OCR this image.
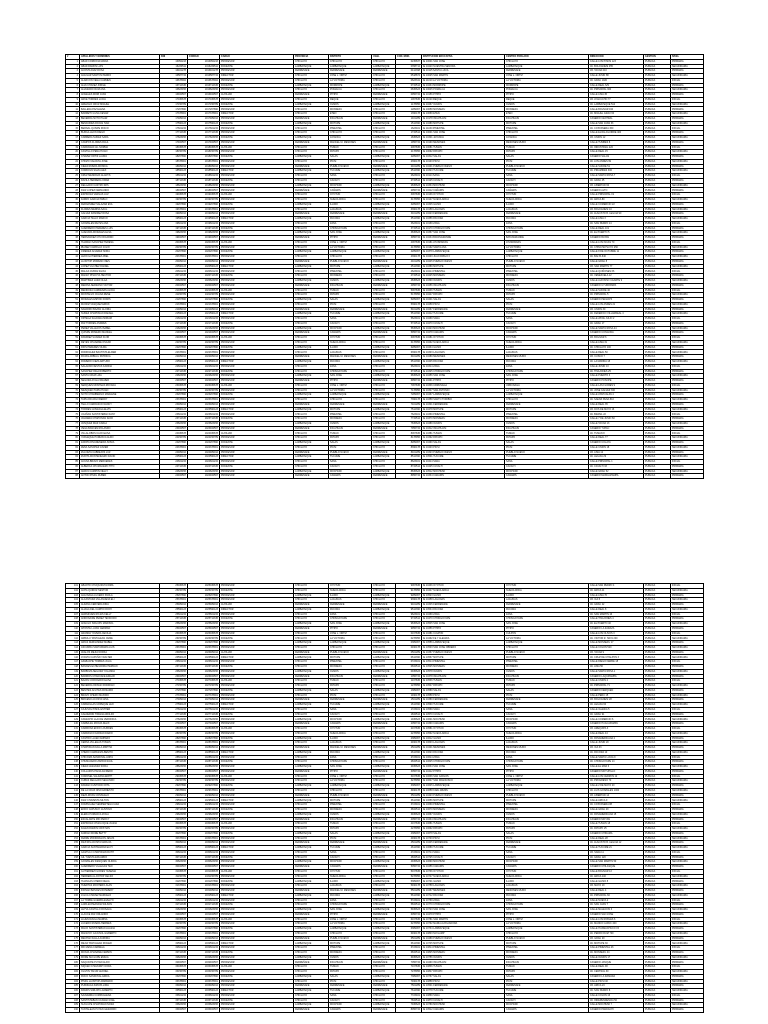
#	APELLIDOS Y NOMBRES	DNI	CODIGO	CARGO	PROVINCIA	DISTRITO	UGEL	COD. MOD.	INSTITUCION EDUCATIVA	CENTRO POBLADO	DIRECCION	GESTION	NIVEL
1	ABAD CORDOVA MARIA	16052243	1016052243	PROFESOR	CHICLAYO	CHICLAYO	CHICLAYO	0245837	IE 10001 SAN JOSE	CHICLAYO	CALLE LOS PINOS 123	PUBLICA	PRIMARIA
2	ABAD RAMOS LUIS	16234511	1016234511	DOCENTE	LAMBAYEQUE	LAMBAYEQUE	LAMBAYEQUE	0358712	IE 10220 NUESTRA SEÑORA	LAMBAYEQUE	AV. BOLOGNESI 455	PUBLICA	SECUNDARIA
3	ACOSTA DIAZ ROSA	16401278	1016401278	PROFESOR	FERREÑAFE	FERREÑAFE	FERREÑAFE	0412398	IE 10115 SANTA LUCIA	FERREÑAFE	JR. TACNA 210	PUBLICA	PRIMARIA
4	AGUILAR SANTOS PEDRO	16587734	1016587734	DIRECTOR	CHICLAYO	JOSE L. ORTIZ	CHICLAYO	0518874	IE 10025 SAN MARTIN	JOSE L. ORTIZ	CALLE JUNIN 88	PUBLICA	SECUNDARIA
5	ALARCON VEGA CARMEN	16678902	1016678902	PROFESOR	CHICLAYO	LA VICTORIA	CHICLAYO	0623341	IE 11010 LA VICTORIA	LA VICTORIA	AV. GRAU 1020	PUBLICA	INICIAL
6	ALVA CHAVEZ JORGE	16712345	1016712345	DOCENTE	LAMBAYEQUE	MORROPE	LAMBAYEQUE	0734512	IE 10234 MORROPE	MORROPE	CALLE REAL S/N	PUBLICA	PRIMARIA
7	ALVARADO RUIZ ANA	16823456	1016823456	PROFESOR	CHICLAYO	POMALCA	CHICLAYO	0845623	IE 10045 POMALCA	POMALCA	AV. PRINCIPAL 300	PUBLICA	SECUNDARIA
8	ANGELES MORI JUAN	16934567	1016934567	AUXILIAR	FERREÑAFE	PITIPO	FERREÑAFE	0956734	IE 10156 PITIPO	PITIPO	CALLE LIMA 45	PUBLICA	PRIMARIA
9	ARCE TORRES LUCIA	17045678	1017045678	PROFESOR	CHICLAYO	REQUE	CHICLAYO	1067845	IE 11020 REQUE	REQUE	JR. AYACUCHO 77	PUBLICA	INICIAL
10	AREVALO CRUZ MIGUEL	17156789	1017156789	DOCENTE	LAMBAYEQUE	OLMOS	LAMBAYEQUE	1178956	IE 10267 OLMOS	OLMOS	AV. LAMBAYEQUE 512	PUBLICA	SECUNDARIA
11	BALLENA PAZ ELENA	17267890	1017267890	PROFESOR	CHICLAYO	MONSEFU	CHICLAYO	1289067	IE 10058 MONSEFU	MONSEFU	CALLE BOLIVAR 190	PUBLICA	PRIMARIA
12	BARRETO LUNA CESAR	17378901	1017378901	DIRECTOR	CHICLAYO	ETEN	CHICLAYO	1390178	IE 10069 ETEN	ETEN	AV. MIGUEL GRAU 60	PUBLICA	SECUNDARIA
13	BECERRA SOTO PILAR	17489012	1017489012	PROFESOR	FERREÑAFE	INCAHUASI	FERREÑAFE	1401289	IE 10178 INCAHUASI	INCAHUASI	CASERIO CENTRAL	PUBLICA	PRIMARIA
14	BENAVIDES ROJAS IVAN	17590123	1017590123	DOCENTE	LAMBAYEQUE	MOTUPE	LAMBAYEQUE	1512390	IE 10289 MOTUPE	MOTUPE	CALLE SAN JUAN 33	PUBLICA	SECUNDARIA
15	BERNAL QUISPE ROCIO	17601234	1017601234	PROFESOR	CHICLAYO	PIMENTEL	CHICLAYO	1623401	IE 11030 PIMENTEL	PIMENTEL	AV. COSTANERA 150	PUBLICA	INICIAL
16	BURGA LEON DIEGO	17712345	1017712345	PROFESOR	CHICLAYO	CHICLAYO	CHICLAYO	1734512	IE 10001 SAN JOSE	CHICLAYO	CALLE ELIAS AGUIRRE 400	PUBLICA	PRIMARIA
17	CABRERA NUÑEZ SARA	17823456	1017823456	DOCENTE	LAMBAYEQUE	JAYANCA	LAMBAYEQUE	1845623	IE 10301 JAYANCA	JAYANCA	JR. UNION 12	PUBLICA	SECUNDARIA
18	CAMPOS FLORES RAUL	17934567	1017934567	PROFESOR	FERREÑAFE	MANUEL M. MESONES	FERREÑAFE	1956734	IE 10190 MESONES	MESONES MURO	CALLE TUMBES 8	PUBLICA	PRIMARIA
19	CARRANZA GIL NORMA	18045678	1018045678	AUXILIAR	CHICLAYO	TUMAN	CHICLAYO	2067845	IE 10081 TUMAN	TUMAN	AV. INDUSTRIAL 220	PUBLICA	INICIAL
20	CASTILLO PEÑA HUGO	18156789	1018156789	PROFESOR	CHICLAYO	PATAPO	CHICLAYO	2178956	IE 10092 PATAPO	PATAPO	CALLE REAL 15	PUBLICA	SECUNDARIA
21	CHAVEZ ORTIZ LAURA	18267890	1018267890	DOCENTE	LAMBAYEQUE	SALAS	LAMBAYEQUE	2289067	IE 10312 SALAS	SALAS	CASERIO SALAS	PUBLICA	PRIMARIA
22	CHOZO VALDIVIA JOSE	18378901	1018378901	PROFESOR	CHICLAYO	PICSI	CHICLAYO	2390178	IE 10103 PICSI	PICSI	AV. LOS ANDES 99	PUBLICA	SECUNDARIA
23	CIEZA RIVERA MONICA	18489012	1018489012	PROFESOR	FERREÑAFE	PUEBLO NUEVO	FERREÑAFE	2401289	IE 10201 PUEBLO NUEVO	PUEBLO NUEVO	CALLE SUCRE 51	PUBLICA	PRIMARIA
24	CORDOVA SILVA ALEX	18590123	1018590123	DIRECTOR	LAMBAYEQUE	TUCUME	LAMBAYEQUE	2512390	IE 10323 TUCUME	TUCUME	AV. PIRAMIDES 300	PUBLICA	SECUNDARIA
25	CRUZ MENDOZA GLADYS	18601234	1018601234	PROFESOR	CHICLAYO	SAÑA	CHICLAYO	2623401	IE 10114 SAÑA	SAÑA	CALLE SANTA ROSA 7	PUBLICA	INICIAL
26	DAVILA HERRERA OMAR	18712345	1018712345	DOCENTE	CHICLAYO	CAYALTI	CHICLAYO	2734512	IE 10125 CAYALTI	CAYALTI	AV. GRAU 45	PUBLICA	PRIMARIA
27	DELGADO CASTRO IRIS	18823456	1018823456	PROFESOR	LAMBAYEQUE	MOCHUMI	LAMBAYEQUE	2845623	IE 10334 MOCHUMI	MOCHUMI	JR. LIBERTAD 60	PUBLICA	SECUNDARIA
28	DIAZ LOPEZ FERNANDO	18934567	1018934567	PROFESOR	FERREÑAFE	CAÑARIS	FERREÑAFE	2956734	IE 10212 CAÑARIS	CAÑARIS	CASERIO ALTO	PUBLICA	PRIMARIA
29	ESPINOZA VARGAS LUZ	19045678	1019045678	AUXILIAR	CHICLAYO	OYOTUN	CHICLAYO	3067845	IE 10136 OYOTUN	OYOTUN	CALLE PRINCIPAL 19	PUBLICA	INICIAL
30	FARRO GARCIA PABLO	19156789	1019156789	PROFESOR	CHICLAYO	NUEVA ARICA	CHICLAYO	3178956	IE 10147 NUEVA ARICA	NUEVA ARICA	AV. ARICA 80	PUBLICA	SECUNDARIA
31	FERNANDEZ SALAZAR EVA	19267890	1019267890	DOCENTE	LAMBAYEQUE	ILLIMO	LAMBAYEQUE	3289067	IE 10345 ILLIMO	ILLIMO	CALLE COMERCIO 22	PUBLICA	PRIMARIA
32	FLORES MEDINA SAUL	19378901	1019378901	PROFESOR	CHICLAYO	LAGUNAS	CHICLAYO	3390178	IE 10158 LAGUNAS	LAGUNAS	JR. BOLOGNESI 10	PUBLICA	SECUNDARIA
33	GALVEZ RAMIREZ ROSA	19489012	1019489012	PROFESOR	FERREÑAFE	FERREÑAFE	FERREÑAFE	3401289	IE 10223 FERREÑAFE	FERREÑAFE	AV. AUGUSTO B. LEGUIA 90	PUBLICA	PRIMARIA
34	GARCIA TELLO MARCO	19590123	1019590123	DIRECTOR	LAMBAYEQUE	PACORA	LAMBAYEQUE	3512390	IE 10356 PACORA	PACORA	CALLE LIMA 3	PUBLICA	SECUNDARIA
35	GONZALES REYES ANA	19601234	1019601234	PROFESOR	CHICLAYO	ZAÑA	CHICLAYO	3623401	IE 10169 ZAÑA	ZAÑA	AV. SAN PEDRO 14	PUBLICA	INICIAL
36	GUERRERO PAREDES LUIS	19712345	1019712345	DOCENTE	CHICLAYO	CHONGOYAPE	CHICLAYO	3734512	IE 10170 CHONGOYAPE	CHONGOYAPE	CALLE REAL 101	PUBLICA	PRIMARIA
37	GUEVARA MORALES ELSA	19823456	1019823456	PROFESOR	LAMBAYEQUE	SAN JOSE	LAMBAYEQUE	3845623	IE 10367 SAN JOSE	SAN JOSE	AV. EL PUERTO 5	PUBLICA	SECUNDARIA
38	HERNANDEZ CHU RICARDO	19934567	1019934567	PROFESOR	FERREÑAFE	PITIPO	FERREÑAFE	3956734	IE 10234 BATANGRANDE	BATANGRANDE	CASERIO BATAN	PUBLICA	PRIMARIA
39	HUAMAN SANCHEZ TERESA	20045678	1020045678	AUXILIAR	CHICLAYO	JOSE L. ORTIZ	CHICLAYO	4067845	IE 10181 ATUSPARIAS	ATUSPARIAS	CALLE LOS INCAS 70	PUBLICA	INICIAL
40	IBAÑEZ CARRILLO JULIO	20156789	1020156789	PROFESOR	CHICLAYO	LA VICTORIA	CHICLAYO	4178956	IE 10192 SANTA ANA	LA VICTORIA	AV. CHINCHAYSUYO 250	PUBLICA	SECUNDARIA
41	JIMENEZ ALVAREZ NORA	20267890	1020267890	DOCENTE	LAMBAYEQUE	LAMBAYEQUE	LAMBAYEQUE	4289067	IE 10378 LAMBAYEQUE	LAMBAYEQUE	CALLE 8 DE OCTUBRE 11	PUBLICA	PRIMARIA
42	LEON GUTIERREZ ABEL	20378901	1020378901	PROFESOR	CHICLAYO	CHICLAYO	CHICLAYO	4390178	IE 10203 JUAN PABLO II	CHICLAYO	AV. BALTA 640	PUBLICA	SECUNDARIA
43	LLONTOP MORENO INES	20489012	1020489012	PROFESOR	FERREÑAFE	PUEBLO NUEVO	FERREÑAFE	4401289	IE 10245 PUEBLO NUEVO	PUEBLO NUEVO	CALLE GRAU 8	PUBLICA	PRIMARIA
44	LOPEZ VILCHEZ DANIEL	20590123	1020590123	DIRECTOR	LAMBAYEQUE	MOTUPE	LAMBAYEQUE	4512390	IE 10389 MOTUPE	MOTUPE	JR. SAN MARTIN 77	PUBLICA	SECUNDARIA
45	MALCA CUBAS SILVIA	20601234	1020601234	PROFESOR	CHICLAYO	PIMENTEL	CHICLAYO	4623401	IE 10214 PIMENTEL	PIMENTEL	CALLE QUIÑONES 66	PUBLICA	INICIAL
46	MANAY PISCOYA HECTOR	20712345	1020712345	DOCENTE	CHICLAYO	MONSEFU	CHICLAYO	4734512	IE 10225 MONSEFU	MONSEFU	AV. VENEZUELA 12	PUBLICA	PRIMARIA
47	MARTINEZ LARA OLGA	20823456	1020823456	PROFESOR	LAMBAYEQUE	OLMOS	LAMBAYEQUE	4845623	IE 10390 OLMOS	OLMOS	CALLE ALFONSO UGARTE 9	PUBLICA	SECUNDARIA
48	MEDINA SERRANO VICTOR	20934567	1020934567	PROFESOR	FERREÑAFE	INCAHUASI	FERREÑAFE	4956734	IE 10256 INCAHUASI	INCAHUASI	CASERIO UYURPAMPA	PUBLICA	PRIMARIA
49	MENDOZA CARDENAS ALICIA	21045678	1021045678	AUXILIAR	CHICLAYO	TUMAN	CHICLAYO	5067845	IE 10236 TUMAN	TUMAN	CALLE SUCRE 40	PUBLICA	INICIAL
50	MONTALVO OCAÑA RENE	21156789	1021156789	PROFESOR	CHICLAYO	PATAPO	CHICLAYO	5178956	IE 10247 PATAPO	PATAPO	AV. PRINCIPAL 5	PUBLICA	SECUNDARIA
51	MORALES ESPINO DORIS	21267890	1021267890	DOCENTE	LAMBAYEQUE	SALAS	LAMBAYEQUE	5289067	IE 10401 SALAS	SALAS	CASERIO PENACHI	PUBLICA	PRIMARIA
52	MUÑOZ VASQUEZ ERICK	21378901	1021378901	PROFESOR	CHICLAYO	PICSI	CHICLAYO	5390178	IE 10258 PICSI	PICSI	CALLE LOS ANDES 21	PUBLICA	SECUNDARIA
53	NAVARRO BAZAN GLORIA	21489012	1021489012	PROFESOR	FERREÑAFE	FERREÑAFE	FERREÑAFE	5401289	IE 10267 FERREÑAFE	FERREÑAFE	JR. UNION 30	PUBLICA	PRIMARIA
54	NUÑEZ CHAPOÑAN RAFAEL	21590123	1021590123	DIRECTOR	LAMBAYEQUE	TUCUME	LAMBAYEQUE	5512390	IE 10412 TUCUME	TUCUME	AV. FEDERICO VILLARREAL 4	PUBLICA	SECUNDARIA
55	ORTEGA SALDAÑA MIRIAM	21601234	1021601234	PROFESOR	CHICLAYO	SAÑA	CHICLAYO	5623401	IE 10269 SAÑA	SAÑA	CALLE 28 DE JULIO 2	PUBLICA	INICIAL
56	PAZ TORRES ANDRES	21712345	1021712345	DOCENTE	CHICLAYO	CAYALTI	CHICLAYO	5734512	IE 10270 CAYALTI	CAYALTI	AV. GRAU 17	PUBLICA	PRIMARIA
57	PEREZ VALLEJOS ISABEL	21823456	1021823456	PROFESOR	LAMBAYEQUE	MOCHUMI	LAMBAYEQUE	5845623	IE 10423 MOCHUMI	MOCHUMI	CALLE SANTA ROSA 44	PUBLICA	SECUNDARIA
58	QUISPE ROMERO MANUEL	21934567	1021934567	PROFESOR	FERREÑAFE	CAÑARIS	FERREÑAFE	5956734	IE 10278 CAÑARIS	CAÑARIS	CASERIO CONGONA	PUBLICA	PRIMARIA
59	RAMIREZ SUAREZ FLOR	22045678	1022045678	AUXILIAR	CHICLAYO	OYOTUN	CHICLAYO	6067845	IE 10281 OYOTUN	OYOTUN	JR. BOLIVAR 6	PUBLICA	INICIAL
60	REYES CHANAME OSCAR	22156789	1022156789	PROFESOR	CHICLAYO	NUEVA ARICA	CHICLAYO	6178956	IE 10292 NUEVA ARICA	NUEVA ARICA	CALLE LIMA 31	PUBLICA	SECUNDARIA
61	RIOS PAREDES VILMA	22267890	1022267890	DOCENTE	LAMBAYEQUE	ILLIMO	LAMBAYEQUE	6289067	IE 10434 ILLIMO	ILLIMO	AV. CHICLAYO 100	PUBLICA	PRIMARIA
62	RODRIGUEZ BAUTISTA ELMER	22378901	1022378901	PROFESOR	CHICLAYO	LAGUNAS	CHICLAYO	6390178	IE 10303 LAGUNAS	LAGUNAS	CALLE REAL 50	PUBLICA	SECUNDARIA
63	ROJAS ARBULU PATRICIA	22489012	1022489012	PROFESOR	FERREÑAFE	MANUEL M. MESONES	FERREÑAFE	6401289	IE 10289 MESONES	MESONES MURO	JR. CUSCO 7	PUBLICA	PRIMARIA
64	ROMERO CIEZA ARTURO	22590123	1022590123	DIRECTOR	LAMBAYEQUE	PACORA	LAMBAYEQUE	6512390	IE 10445 PACORA	PACORA	AV. LA MARINA 18	PUBLICA	SECUNDARIA
65	SALAZAR FIESTAS KARINA	22601234	1022601234	PROFESOR	CHICLAYO	ZAÑA	CHICLAYO	6623401	IE 10314 ZAÑA	ZAÑA	CALLE JUNIN 13	PUBLICA	INICIAL
66	SANCHEZ INGA ROBERTO	22712345	1022712345	DOCENTE	CHICLAYO	CHONGOYAPE	CHICLAYO	6734512	IE 10325 CHONGOYAPE	CHONGOYAPE	AV. TINAJONES 25	PUBLICA	PRIMARIA
67	SANTA CRUZ LIZA	22823456	1022823456	PROFESOR	LAMBAYEQUE	SAN JOSE	LAMBAYEQUE	6845623	IE 10456 SAN JOSE	SAN JOSE	CALLE PUERTO 3	PUBLICA	SECUNDARIA
68	SEGURA AYALA WILMER	22934567	1022934567	PROFESOR	FERREÑAFE	PITIPO	FERREÑAFE	6956734	IE 10291 PITIPO	PITIPO	CASERIO POSOPE	PUBLICA	PRIMARIA
69	SERQUEN MONTEZA ROXANA	23045678	1023045678	AUXILIAR	CHICLAYO	JOSE L. ORTIZ	CHICLAYO	7067845	IE 10336 URRUNAGA	URRUNAGA	CALLE LAS FLORES 9	PUBLICA	INICIAL
70	SIESQUEN TAPIA HUGO	23156789	1023156789	PROFESOR	CHICLAYO	LA VICTORIA	CHICLAYO	7178956	IE 10347 SAN ANTONIO	LA VICTORIA	AV. JOSE GALVEZ 330	PUBLICA	SECUNDARIA
71	SOTO CHAMBERGO MARLENE	23267890	1023267890	DOCENTE	LAMBAYEQUE	LAMBAYEQUE	LAMBAYEQUE	7289067	IE 10467 LAMBAYEQUE	LAMBAYEQUE	CALLE ATAHUALPA 4	PUBLICA	PRIMARIA
72	TAPIA RIOJAS FREDDY	23378901	1023378901	PROFESOR	CHICLAYO	CHICLAYO	CHICLAYO	7390178	IE 10358 SANTO TORIBIO	CHICLAYO	AV. SAENZ PEÑA 810	PUBLICA	SECUNDARIA
73	TELLO CARRASCO NANCY	23489012	1023489012	PROFESOR	FERREÑAFE	FERREÑAFE	FERREÑAFE	7401289	IE 10301 FERREÑAFE	FERREÑAFE	CALLE REAL 35	PUBLICA	PRIMARIA
74	TORRES GONZAGA ELVIS	23590123	1023590123	DIRECTOR	LAMBAYEQUE	MOTUPE	LAMBAYEQUE	7512390	IE 10478 MOTUPE	MOTUPE	JR. DOS DE MAYO 16	PUBLICA	SECUNDARIA
75	UCAÑAN SANTISTEBAN FANY	23601234	1023601234	PROFESOR	CHICLAYO	PIMENTEL	CHICLAYO	7623401	IE 10369 PIMENTEL	PIMENTEL	AV. BRASIL 22	PUBLICA	INICIAL
76	VALDERA CHAPOÑAN IGOR	23712345	1023712345	DOCENTE	CHICLAYO	MONSEFU	CHICLAYO	7734512	IE 10370 MONSEFU	MONSEFU	CALLE 7 DE JUNIO 60	PUBLICA	PRIMARIA
77	VASQUEZ DIAZ CARLA	23823456	1023823456	PROFESOR	LAMBAYEQUE	OLMOS	LAMBAYEQUE	7845623	IE 10489 OLMOS	OLMOS	CALLE TACNA 13	PUBLICA	SECUNDARIA
78	VEGA BANCES ROLANDO	23934567	1023934567	PROFESOR	FERREÑAFE	INCAHUASI	FERREÑAFE	7956734	IE 10312 INCAHUASI	INCAHUASI	CASERIO TUPAC	PUBLICA	PRIMARIA
79	VILLALOBOS CAJO ELISA	24045678	1024045678	AUXILIAR	CHICLAYO	TUMAN	CHICLAYO	8067845	IE 10381 TUMAN	TUMAN	AV. TUMAN 8	PUBLICA	INICIAL
80	YARLEQUE PURIZACA ALDO	24156789	1024156789	PROFESOR	CHICLAYO	PATAPO	CHICLAYO	8178956	IE 10392 PATAPO	PATAPO	CALLE REAL 77	PUBLICA	SECUNDARIA
81	ZAPATA RIVADENEIRA SONIA	24267890	1024267890	DOCENTE	LAMBAYEQUE	SALAS	LAMBAYEQUE	8289067	IE 10490 SALAS	SALAS	CASERIO COLAYA	PUBLICA	PRIMARIA
82	ZEÑA SANCHEZ JAVIER	24378901	1024378901	PROFESOR	CHICLAYO	PICSI	CHICLAYO	8390178	IE 10403 PICSI	PICSI	CALLE UNION 18	PUBLICA	SECUNDARIA
83	ZULOETA CABREJOS LUZ	24489012	1024489012	PROFESOR	FERREÑAFE	PUEBLO NUEVO	FERREÑAFE	8401289	IE 10323 PUEBLO NUEVO	PUEBLO NUEVO	JR. LIMA 12	PUBLICA	PRIMARIA
84	ZURITA MONTENEGRO DAVID	24590123	1024590123	DIRECTOR	LAMBAYEQUE	TUCUME	LAMBAYEQUE	8512390	IE 10501 TUCUME	TUCUME	AV. LEGUIA 29	PUBLICA	SECUNDARIA
85	ACUÑA BRAVO MERCEDES	24601234	1024601234	PROFESOR	CHICLAYO	SAÑA	CHICLAYO	8623401	IE 10414 SAÑA	SAÑA	CALLE PRINCIPAL 1	PUBLICA	INICIAL
86	ALBERCA CHUMACERO TITO	24712345	1024712345	DOCENTE	CHICLAYO	CAYALTI	CHICLAYO	8734512	IE 10425 CAYALTI	CAYALTI	AV. CAYALTI 33	PUBLICA	PRIMARIA
87	AMAYA CAMPOS NELLY	24823456	1024823456	PROFESOR	LAMBAYEQUE	MOCHUMI	LAMBAYEQUE	8845623	IE 10512 MOCHUMI	MOCHUMI	CALLE GRAU 52	PUBLICA	SECUNDARIA
88	ANTON PISFIL RUBEN	24934567	1024934567	PROFESOR	FERREÑAFE	CAÑARIS	FERREÑAFE	8956734	IE 10334 CAÑARIS	CAÑARIS	CASERIO MAMAGPAMPA	PUBLICA	PRIMARIA
101	ABANTO CHUQUIZUTA IRMA	25045678	1025045678	PROFESOR	CHICLAYO	OYOTUN	CHICLAYO	9067845	IE 10436 OYOTUN	OYOTUN	CALLE SAN PEDRO 4	PUBLICA	INICIAL
102	ACHA QUIROZ NESTOR	25156789	1025156789	DOCENTE	CHICLAYO	NUEVA ARICA	CHICLAYO	9178956	IE 10447 NUEVA ARICA	NUEVA ARICA	AV. ARICA 11	PUBLICA	SECUNDARIA
103	AGUINAGA LUCERO PAOLA	25267890	1025267890	PROFESOR	LAMBAYEQUE	ILLIMO	LAMBAYEQUE	9289067	IE 10523 ILLIMO	ILLIMO	CALLE LIMA 70	PUBLICA	PRIMARIA
104	ALCANTARA VILLANUEVA ELI	25378901	1025378901	PROFESOR	CHICLAYO	LAGUNAS	CHICLAYO	9390178	IE 10458 LAGUNAS	LAGUNAS	JR. ICA 5	PUBLICA	SECUNDARIA
105	ALDANA CERVERA DINA	25489012	1025489012	AUXILIAR	FERREÑAFE	FERREÑAFE	FERREÑAFE	9401289	IE 10345 FERREÑAFE	FERREÑAFE	AV. GRAU 22	PUBLICA	PRIMARIA
106	ALIAGA DEL CARPIO RONY	25590123	1025590123	DIRECTOR	LAMBAYEQUE	PACORA	LAMBAYEQUE	9512390	IE 10534 PACORA	PACORA	CALLE REAL 8	PUBLICA	SECUNDARIA
107	AMASIFUEN ROJAS KELLY	25601234	1025601234	PROFESOR	CHICLAYO	ZAÑA	CHICLAYO	9623401	IE 10469 ZAÑA	ZAÑA	AV. SAN MARTIN 16	PUBLICA	INICIAL
108	ANDONAIRE PEREZ TEODORO	25712345	1025712345	DOCENTE	CHICLAYO	CHONGOYAPE	CHICLAYO	9734512	IE 10470 CHONGOYAPE	CHONGOYAPE	CALLE TINAJONES 4	PUBLICA	PRIMARIA
109	ANGULO SIRLUPU MARISOL	25823456	1025823456	PROFESOR	LAMBAYEQUE	SAN JOSE	LAMBAYEQUE	9845623	IE 10545 SAN JOSE	SAN JOSE	AV. EL PUERTO 40	PUBLICA	SECUNDARIA
110	APONTE LUJAN GERMAN	25934567	1025934567	PROFESOR	FERREÑAFE	PITIPO	FERREÑAFE	9956734	IE 10356 PITIPO	PITIPO	CASERIO LA ZARAZA	PUBLICA	PRIMARIA
111	ARANDA YOVERA CECILIA	26045678	1026045678	PROFESOR	CHICLAYO	JOSE L. ORTIZ	CHICLAYO	0167845	IE 10481 CULPON	CULPON	CALLE LOS OLIVOS 3	PUBLICA	INICIAL
112	ARBULU TANTALEAN JAIME	26156789	1026156789	DOCENTE	CHICLAYO	LA VICTORIA	CHICLAYO	0278956	IE 10492 FE Y ALEGRIA	LA VICTORIA	AV. VICTOR R. HAYA 200	PUBLICA	SECUNDARIA
113	ARIAS FERNANDEZ MABEL	26267890	1026267890	PROFESOR	LAMBAYEQUE	LAMBAYEQUE	LAMBAYEQUE	0389067	IE 10556 LAMBAYEQUE	LAMBAYEQUE	CALLE MONSEFU 17	PUBLICA	PRIMARIA
114	ASCURRA SANTAMARIA LUIS	26378901	1026378901	PROFESOR	CHICLAYO	CHICLAYO	CHICLAYO	0490178	IE 10503 SAN JOSE OBRERO	CHICLAYO	CALLE COLON 520	PUBLICA	SECUNDARIA
115	AVALOS MEJIA NORKA	26489012	1026489012	AUXILIAR	FERREÑAFE	PUEBLO NUEVO	FERREÑAFE	0501289	IE 10367 PUEBLO NUEVO	PUEBLO NUEVO	JR. TACNA 9	PUBLICA	PRIMARIA
116	AYASTA CAPUÑAY WALTER	26590123	1026590123	DIRECTOR	LAMBAYEQUE	MOTUPE	LAMBAYEQUE	0612390	IE 10567 MOTUPE	MOTUPE	AV. CRUZ DE CHALPON 3	PUBLICA	SECUNDARIA
117	AZABACHE TORRES JULIA	26601234	1026601234	PROFESOR	CHICLAYO	PIMENTEL	CHICLAYO	0723401	IE 10514 PIMENTEL	PIMENTEL	CALLE DIEGO FERRE 18	PUBLICA	INICIAL
118	BANCES ECHEVARRIA HERNAN	26712345	1026712345	DOCENTE	CHICLAYO	MONSEFU	CHICLAYO	0834512	IE 10525 MONSEFU	MONSEFU	AV. LIMA 56	PUBLICA	PRIMARIA
119	BARBOZA SEGURA YOLANDA	26823456	1026823456	PROFESOR	LAMBAYEQUE	OLMOS	LAMBAYEQUE	0945623	IE 10578 OLMOS	OLMOS	CALLE SANTA ROSA 1	PUBLICA	SECUNDARIA
120	BARRIOS CHANCAFE EDGAR	26934567	1026934567	PROFESOR	FERREÑAFE	INCAHUASI	FERREÑAFE	1056734	IE 10378 INCAHUASI	INCAHUASI	CASERIO LAQUIPAMPA	PUBLICA	PRIMARIA
121	BAZAN CORONADO ELISA	27045678	1027045678	AUXILIAR	CHICLAYO	TUMAN	CHICLAYO	1167845	IE 10536 TUMAN	TUMAN	CALLE UNION 2	PUBLICA	INICIAL
122	BECERRA INOÑAN RODRIGO	27156789	1027156789	PROFESOR	CHICLAYO	PATAPO	CHICLAYO	1278956	IE 10547 PATAPO	PATAPO	AV. PRINCIPAL 71	PUBLICA	SECUNDARIA
123	BENITES ALVITES ROSARIO	27267890	1027267890	DOCENTE	LAMBAYEQUE	SALAS	LAMBAYEQUE	1389067	IE 10589 SALAS	SALAS	CASERIO KERQUEN	PUBLICA	PRIMARIA
124	BRAVO CHERO MAXIMO	27378901	1027378901	PROFESOR	CHICLAYO	PICSI	CHICLAYO	1490178	IE 10558 PICSI	PICSI	CALLE PERU 15	PUBLICA	SECUNDARIA
125	BRICEÑO ACOSTA GINA	27489012	1027489012	PROFESOR	FERREÑAFE	FERREÑAFE	FERREÑAFE	1501289	IE 10389 FERREÑAFE	FERREÑAFE	JR. BOLOGNESI 28	PUBLICA	PRIMARIA
126	CABANILLAS URPEQUE LEO	27590123	1027590123	DIRECTOR	LAMBAYEQUE	TUCUME	LAMBAYEQUE	1612390	IE 10590 TUCUME	TUCUME	AV. LEGUIA 60	PUBLICA	SECUNDARIA
127	CAJUSOL PISFIL ESTHER	27601234	1027601234	PROFESOR	CHICLAYO	SAÑA	CHICLAYO	1723401	IE 10569 SAÑA	SAÑA	CALLE IGLESIA 5	PUBLICA	INICIAL
128	CALDERON TIMANA ADOLFO	27712345	1027712345	DOCENTE	CHICLAYO	CAYALTI	CHICLAYO	1834512	IE 10570 CAYALTI	CAYALTI	AV. GRAU 91	PUBLICA	PRIMARIA
129	CAMACHO LLAUCE VERONICA	27823456	1027823456	PROFESOR	LAMBAYEQUE	MOCHUMI	LAMBAYEQUE	1945623	IE 10601 MOCHUMI	MOCHUMI	CALLE COMERCIO 6	PUBLICA	SECUNDARIA
130	CARBAJAL MONJA FELIX	27934567	1027934567	PROFESOR	FERREÑAFE	CAÑARIS	FERREÑAFE	2056734	IE 10390 CAÑARIS	CAÑARIS	CASERIO HUACAPAMPA	PUBLICA	PRIMARIA
131	CARMONA EFFIO LOURDES	28045678	1028045678	AUXILIAR	CHICLAYO	OYOTUN	CHICLAYO	2167845	IE 10581 OYOTUN	OYOTUN	JR. AREQUIPA 3	PUBLICA	INICIAL
132	CARRASCO FARFAN DARIO	28156789	1028156789	PROFESOR	CHICLAYO	NUEVA ARICA	CHICLAYO	2278956	IE 10592 NUEVA ARICA	NUEVA ARICA	CALLE REAL 44	PUBLICA	SECUNDARIA
133	CASTRO LLUEN AMPARO	28267890	1028267890	DOCENTE	LAMBAYEQUE	ILLIMO	LAMBAYEQUE	2389067	IE 10612 ILLIMO	ILLIMO	AV. PANAMERICANA 2	PUBLICA	PRIMARIA
134	CERNA VILLEGAS TOMAS	28378901	1028378901	PROFESOR	CHICLAYO	LAGUNAS	CHICLAYO	2490178	IE 10603 LAGUNAS	LAGUNAS	CALLE JUNIN 20	PUBLICA	SECUNDARIA
135	CHAPOÑAN FALLA MIRTHA	28489012	1028489012	PROFESOR	FERREÑAFE	MANUEL M. MESONES	FERREÑAFE	2501289	IE 10401 MESONES	MESONES MURO	JR. ICA 33	PUBLICA	PRIMARIA
136	CHERO CARRANZA BENITO	28590123	1028590123	DIRECTOR	LAMBAYEQUE	PACORA	LAMBAYEQUE	2612390	IE 10623 PACORA	PACORA	AV. PACORA 10	PUBLICA	SECUNDARIA
137	CHICOMA SANDOVAL ANITA	28601234	1028601234	PROFESOR	CHICLAYO	ZAÑA	CHICLAYO	2723401	IE 10614 ZAÑA	ZAÑA	CALLE SANTA LUCIA 9	PUBLICA	INICIAL
138	CHUMACERO ZAPATA RAUL	28712345	1028712345	DOCENTE	CHICLAYO	CHONGOYAPE	CHICLAYO	2834512	IE 10625 CHONGOYAPE	CHONGOYAPE	AV. CHONGOYAPE 14	PUBLICA	PRIMARIA
139	CIEZA GUEVARA SOFIA	28823456	1028823456	PROFESOR	LAMBAYEQUE	SAN JOSE	LAMBAYEQUE	2945623	IE 10634 SAN JOSE	SAN JOSE	CALLE EL MAR 6	PUBLICA	SECUNDARIA
140	COLLAZOS PAIVA ALFREDO	28934567	1028934567	PROFESOR	FERREÑAFE	PITIPO	FERREÑAFE	3056734	IE 10412 PITIPO	PITIPO	CASERIO MOTUPILLO	PUBLICA	PRIMARIA
141	CORONEL SALDAÑA EDITH	29045678	1029045678	AUXILIAR	CHICLAYO	JOSE L. ORTIZ	CHICLAYO	3167845	IE 10636 SAN CARLOS	JOSE L. ORTIZ	CALLE LOS CEDROS 12	PUBLICA	INICIAL
142	CUBAS DELGADO SEGUNDO	29156789	1029156789	PROFESOR	CHICLAYO	LA VICTORIA	CHICLAYO	3278956	IE 10647 SAN FRANCISCO	LA VICTORIA	AV. PROGRESO 70	PUBLICA	SECUNDARIA
143	DAMIAN CUSTODIO RITA	29267890	1029267890	DOCENTE	LAMBAYEQUE	LAMBAYEQUE	LAMBAYEQUE	3389067	IE 10645 LAMBAYEQUE	LAMBAYEQUE	CALLE 2 DE MAYO 20	PUBLICA	PRIMARIA
144	DE LA CRUZ NIÑO ERNESTO	29378901	1029378901	PROFESOR	CHICLAYO	CHICLAYO	CHICLAYO	3490178	IE 10658 KARL WEISS	CHICLAYO	AV. LUIS GONZALES 1000	PUBLICA	SECUNDARIA
145	DEZA RIVAS CONSUELO	29489012	1029489012	PROFESOR	FERREÑAFE	PUEBLO NUEVO	FERREÑAFE	3501289	IE 10423 PUEBLO NUEVO	PUEBLO NUEVO	JR. LIBERTAD 14	PUBLICA	PRIMARIA
146	DIAZ CHAVESTA NILTON	29590123	1029590123	DIRECTOR	LAMBAYEQUE	MOTUPE	LAMBAYEQUE	3612390	IE 10656 MOTUPE	MOTUPE	CALLE ARICA 9	PUBLICA	SECUNDARIA
147	DOMINGUEZ SEMPERTEGUI ADA	29601234	1029601234	PROFESOR	CHICLAYO	PIMENTEL	CHICLAYO	3723401	IE 10669 PIMENTEL	PIMENTEL	AV. COSTANERA 88	PUBLICA	INICIAL
148	EFFIO CAPUÑAY GUSTAVO	29712345	1029712345	DOCENTE	CHICLAYO	MONSEFU	CHICLAYO	3834512	IE 10670 MONSEFU	MONSEFU	CALLE GRAU 29	PUBLICA	PRIMARIA
149	ELERA PURIZACA ZOILA	29823456	1029823456	PROFESOR	LAMBAYEQUE	OLMOS	LAMBAYEQUE	3945623	IE 10667 OLMOS	OLMOS	AV. PANAMERICANA 15	PUBLICA	SECUNDARIA
150	ESCALANTE MIO PERCY	29934567	1029934567	PROFESOR	FERREÑAFE	INCAHUASI	FERREÑAFE	4056734	IE 10434 INCAHUASI	INCAHUASI	CASERIO MOYAN	PUBLICA	PRIMARIA
151	ESPINOZA CHAFLOQUE JUANA	30045678	1030045678	AUXILIAR	CHICLAYO	TUMAN	CHICLAYO	4167845	IE 10681 TUMAN	TUMAN	CALLE TUMAN 18	PUBLICA	INICIAL
152	FALEN RAMOS CRISTIAN	30156789	1030156789	PROFESOR	CHICLAYO	PATAPO	CHICLAYO	4278956	IE 10692 PATAPO	PATAPO	AV. PATAPO 25	PUBLICA	SECUNDARIA
153	FARFAN MORE BETTY	30267890	1030267890	DOCENTE	LAMBAYEQUE	SALAS	LAMBAYEQUE	4389067	IE 10678 SALAS	SALAS	CASERIO CHIÑAMA	PUBLICA	PRIMARIA
154	FERRE MONDRAGON JESUS	30378901	1030378901	PROFESOR	CHICLAYO	PICSI	CHICLAYO	4490178	IE 10703 PICSI	PICSI	CALLE REAL 28	PUBLICA	SECUNDARIA
155	FIESTAS ACOSTA MARUJA	30489012	1030489012	PROFESOR	FERREÑAFE	FERREÑAFE	FERREÑAFE	4501289	IE 10445 FERREÑAFE	FERREÑAFE	AV. AUGUSTO B. LEGUIA 12	PUBLICA	PRIMARIA
156	GARCIA SANTAMARIA ELOY	30590123	1030590123	DIRECTOR	LAMBAYEQUE	TUCUME	LAMBAYEQUE	4612390	IE 10689 TUCUME	TUCUME	CALLE TUCUME 21	PUBLICA	SECUNDARIA
157	GASTULO CHAPOÑAN RUTH	30601234	1030601234	PROFESOR	CHICLAYO	SAÑA	CHICLAYO	4723401	IE 10714 SAÑA	SAÑA	JR. SAÑA 11	PUBLICA	INICIAL
158	GIL TUESTA EDUARDO	30712345	1030712345	DOCENTE	CHICLAYO	CAYALTI	CHICLAYO	4834512	IE 10725 CAYALTI	CAYALTI	AV. GRAU 120	PUBLICA	PRIMARIA
159	GONZALES SIESQUEN OLINDA	30823456	1030823456	PROFESOR	LAMBAYEQUE	MOCHUMI	LAMBAYEQUE	4945623	IE 10690 MOCHUMI	MOCHUMI	CALLE SAN MARTIN 50	PUBLICA	SECUNDARIA
160	GUERRERO VILLEGAS TEO	30934567	1030934567	PROFESOR	FERREÑAFE	CAÑARIS	FERREÑAFE	5056734	IE 10456 CAÑARIS	CAÑARIS	CASERIO CHILASQUE	PUBLICA	PRIMARIA
161	GUTIERREZ FLORES YESENIA	31045678	1031045678	AUXILIAR	CHICLAYO	OYOTUN	CHICLAYO	5167845	IE 10736 OYOTUN	OYOTUN	CALLE BOLIVAR 13	PUBLICA	INICIAL
162	HERRERA LLONTOP CELSO	31156789	1031156789	PROFESOR	CHICLAYO	NUEVA ARICA	CHICLAYO	5278956	IE 10747 NUEVA ARICA	NUEVA ARICA	AV. ARICA 140	PUBLICA	SECUNDARIA
163	HUANCAS CHERO DELIA	31267890	1031267890	DOCENTE	LAMBAYEQUE	ILLIMO	LAMBAYEQUE	5389067	IE 10701 ILLIMO	ILLIMO	CALLE ILLIMO 8	PUBLICA	PRIMARIA
164	HUERTAS MONTERO ALAN	31378901	1031378901	PROFESOR	CHICLAYO	LAGUNAS	CHICLAYO	5490178	IE 10758 LAGUNAS	LAGUNAS	JR. MAYO 19	PUBLICA	SECUNDARIA
165	INOÑAN BANCES ROSMERY	31489012	1031489012	PROFESOR	FERREÑAFE	MANUEL M. MESONES	FERREÑAFE	5501289	IE 10467 MESONES	MESONES MURO	CALLE REAL 4	PUBLICA	PRIMARIA
166	JULCA CHAVEZ MARCELO	31590123	1031590123	DIRECTOR	LAMBAYEQUE	PACORA	LAMBAYEQUE	5612390	IE 10712 PACORA	PACORA	AV. PRINCIPAL 60	PUBLICA	SECUNDARIA
167	LA TORRE GUERRA EVELYN	31601234	1031601234	PROFESOR	CHICLAYO	ZAÑA	CHICLAYO	5723401	IE 10769 ZAÑA	ZAÑA	CALLE NUEVA 2	PUBLICA	INICIAL
168	LAMA ECHEANDIA WILSON	31712345	1031712345	DOCENTE	CHICLAYO	CHONGOYAPE	CHICLAYO	5834512	IE 10770 CHONGOYAPE	CHONGOYAPE	AV. SAN JUAN 7	PUBLICA	PRIMARIA
169	LEYVA CASTILLO ROSALIA	31823456	1031823456	PROFESOR	LAMBAYEQUE	SAN JOSE	LAMBAYEQUE	5945623	IE 10723 SAN JOSE	SAN JOSE	CALLE MALECON 3	PUBLICA	SECUNDARIA
170	LLAUCE PAZ ORLANDO	31934567	1031934567	PROFESOR	FERREÑAFE	PITIPO	FERREÑAFE	6056734	IE 10478 PITIPO	PITIPO	CASERIO SAN JOSE	PUBLICA	PRIMARIA
171	LLUEN DAVILA MARINA	32045678	1032045678	AUXILIAR	CHICLAYO	JOSE L. ORTIZ	CHICLAYO	6167845	IE 10781 SAN MARTIN	JOSE L. ORTIZ	CALLE LOS ROBLES 6	PUBLICA	INICIAL
172	LUCERO RIVERA HERMES	32156789	1032156789	PROFESOR	CHICLAYO	LA VICTORIA	CHICLAYO	6278956	IE 10792 MARIA AUXILIADORA	LA VICTORIA	AV. MANCO CAPAC 400	PUBLICA	SECUNDARIA
173	MACO SANTISTEBAN LILIANA	32267890	1032267890	DOCENTE	LAMBAYEQUE	LAMBAYEQUE	LAMBAYEQUE	6389067	IE 10734 LAMBAYEQUE	LAMBAYEQUE	CALLE HUAMACHUCO 15	PUBLICA	PRIMARIA
174	MANAYAY CAJUSOL GILBERTO	32378901	1032378901	PROFESOR	CHICLAYO	CHICLAYO	CHICLAYO	6490178	IE 10803 NAYLAMP	CHICLAYO	AV. PEDRO RUIZ 700	PUBLICA	SECUNDARIA
175	MECHAN FALLA AURORA	32489012	1032489012	PROFESOR	FERREÑAFE	PUEBLO NUEVO	FERREÑAFE	6501289	IE 10489 PUEBLO NUEVO	PUEBLO NUEVO	JR. GRAU 20	PUBLICA	PRIMARIA
176	MEJIA TANTALEAN ROGER	32590123	1032590123	DIRECTOR	LAMBAYEQUE	MOTUPE	LAMBAYEQUE	6612390	IE 10745 MOTUPE	MOTUPE	AV. MOTUPE 30	PUBLICA	SECUNDARIA
177	MIO ZEÑA CARMELA	32601234	1032601234	PROFESOR	CHICLAYO	PIMENTEL	CHICLAYO	6723401	IE 10814 PIMENTEL	PIMENTEL	CALLE PIMENTEL 26	PUBLICA	INICIAL
178	MONJA CHANAME FERMIN	32712345	1032712345	DOCENTE	CHICLAYO	MONSEFU	CHICLAYO	6834512	IE 10825 MONSEFU	MONSEFU	AV. MONSEFU 44	PUBLICA	PRIMARIA
179	MORE SUCLUPE EMILIA	32823456	1032823456	PROFESOR	LAMBAYEQUE	OLMOS	LAMBAYEQUE	6945623	IE 10756 OLMOS	OLMOS	CALLE OLMOS 17	PUBLICA	SECUNDARIA
180	NAQUICHE PUYEN ALDO	32934567	1032934567	PROFESOR	FERREÑAFE	INCAHUASI	FERREÑAFE	7056734	IE 10490 INCAHUASI	INCAHUASI	CASERIO JANQUE	PUBLICA	PRIMARIA
181	NIQUEN CHAVARRY DORA	33045678	1033045678	AUXILIAR	CHICLAYO	TUMAN	CHICLAYO	7167845	IE 10836 TUMAN	TUMAN	CALLE REAL 90	PUBLICA	INICIAL
182	OLIVOS TAFUR LEONEL	33156789	1033156789	PROFESOR	CHICLAYO	PATAPO	CHICLAYO	7278956	IE 10847 PATAPO	PATAPO	AV. CENTRAL 30	PUBLICA	SECUNDARIA
183	PAICO SANDOVAL ERIKA	33267890	1033267890	DOCENTE	LAMBAYEQUE	SALAS	LAMBAYEQUE	7389067	IE 10767 SALAS	SALAS	CASERIO LA RAMADA	PUBLICA	PRIMARIA
184	PISFIL LLONTOP ARMANDO	33378901	1033378901	PROFESOR	CHICLAYO	PICSI	CHICLAYO	7490178	IE 10858 PICSI	PICSI	CALLE PICSI 40	PUBLICA	SECUNDARIA
185	PURIZACA ZAPATA LIDIA	33489012	1033489012	PROFESOR	FERREÑAFE	FERREÑAFE	FERREÑAFE	7501289	IE 10501 FERREÑAFE	FERREÑAFE	JR. ARICA 24	PUBLICA	PRIMARIA
186	RAMOS SIRLOPU ALBERTO	33590123	1033590123	DIRECTOR	LAMBAYEQUE	TUCUME	LAMBAYEQUE	7612390	IE 10778 TUCUME	TUCUME	AV. SAN PEDRO 8	PUBLICA	SECUNDARIA
187	SAAVEDRA CUMPA ELENA	33601234	1033601234	PROFESOR	CHICLAYO	SAÑA	CHICLAYO	7723401	IE 10869 SAÑA	SAÑA	CALLE COLON 16	PUBLICA	INICIAL
188	SANTISTEBAN UCAÑAN JOEL	33712345	1033712345	DOCENTE	CHICLAYO	CAYALTI	CHICLAYO	7834512	IE 10870 CAYALTI	CAYALTI	AV. INDEPENDENCIA 50	PUBLICA	PRIMARIA
189	SUCLUPE CHAPOÑAN NORA	33823456	1033823456	PROFESOR	LAMBAYEQUE	MOCHUMI	LAMBAYEQUE	7945623	IE 10789 MOCHUMI	MOCHUMI	CALLE MOCHUMI 7	PUBLICA	SECUNDARIA
190	TANTALEAN PUYEN GERARDO	33934567	1033934567	PROFESOR	FERREÑAFE	CAÑARIS	FERREÑAFE	8056734	IE 10512 CAÑARIS	CAÑARIS	CASERIO PANDACHI	PUBLICA	PRIMARIA
